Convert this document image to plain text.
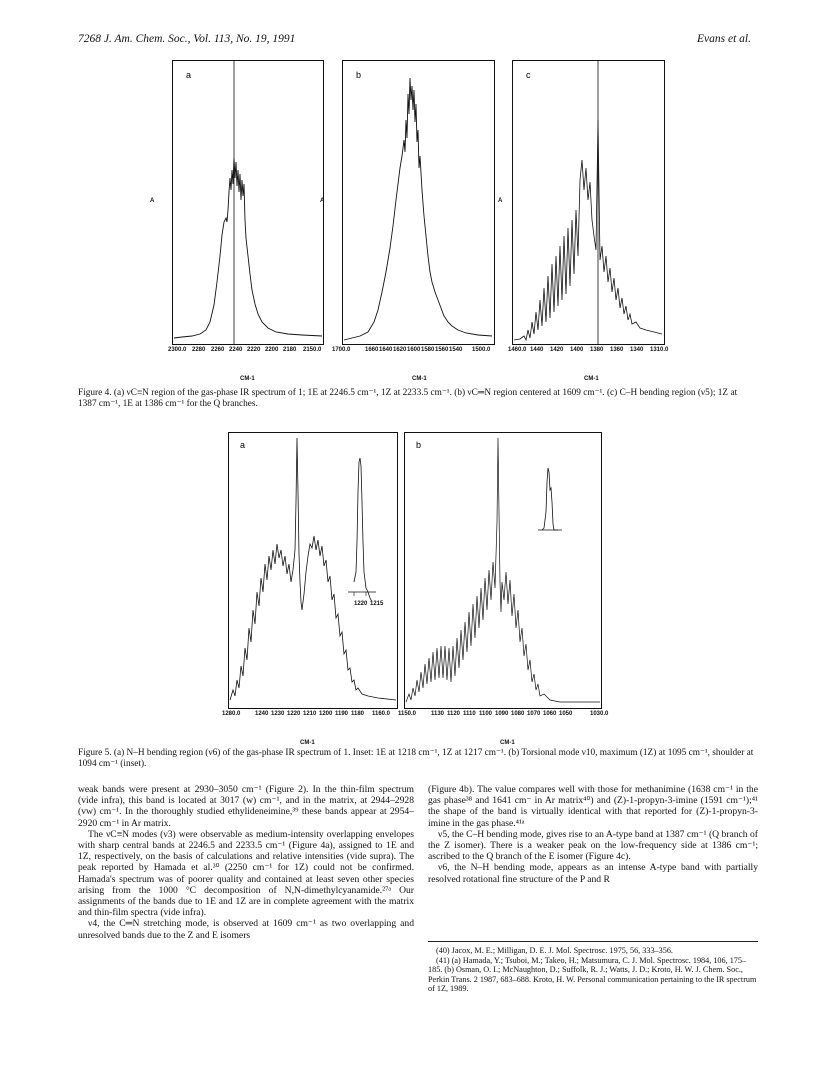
7268 J. Am. Chem. Soc., Vol. 113, No. 19, 1991	Evans et al.
a
A
2300.0 2280 2260 2240 2220 2200 2180 2150.0
CM-1
b
A
1700.0 1660 1640 1620 1600 1580 1560 1540 1500.0
CM-1
c
A
1460.0 1440 1420 1400 1380 1360 1340 1310.0
CM-1
Figure 4. (a) νC≡N region of the gas-phase IR spectrum of 1; 1E at 2246.5 cm⁻¹, 1Z at 2233.5 cm⁻¹. (b) νC═N region centered at 1609 cm⁻¹. (c) C–H bending region (ν5); 1Z at 1387 cm⁻¹, 1E at 1386 cm⁻¹ for the Q branches.
a
1220 1215
1280.0 1240 1230 1220 1210 1200 1190 1180 1160.0
CM-1
b
1150.0 1130 1120 1110 1100 1090 1080 1070 1060 1050	1030.0
CM-1
Figure 5. (a) N–H bending region (ν6) of the gas-phase IR spectrum of 1. Inset: 1E at 1218 cm⁻¹, 1Z at 1217 cm⁻¹. (b) Torsional mode ν10, maximum (1Z) at 1095 cm⁻¹, shoulder at 1094 cm⁻¹ (inset).

weak bands were present at 2930–3050 cm⁻¹ (Figure 2). In the thin-film spectrum (vide infra), this band is located at 3017 (w) cm⁻¹, and in the matrix, at 2944–2928 (vw) cm⁻¹. In the thoroughly studied ethylideneimine,³⁹ these bands appear at 2954–2920 cm⁻¹ in Ar matrix.

The νC≡N modes (ν3) were observable as medium-intensity overlapping envelopes with sharp central bands at 2246.5 and 2233.5 cm⁻¹ (Figure 4a), assigned to 1E and 1Z, respectively, on the basis of calculations and relative intensities (vide supra). The peak reported by Hamada et al.³⁰ (2250 cm⁻¹ for 1Z) could not be confirmed. Hamada's spectrum was of poorer quality and contained at least seven other species arising from the 1000 °C decomposition of N,N-dimethylcyanamide.²⁷ᵃ Our assignments of the bands due to 1E and 1Z are in complete agreement with the matrix and thin-film spectra (vide infra).

ν4, the C═N stretching mode, is observed at 1609 cm⁻¹ as two overlapping and unresolved bands due to the Z and E isomers

(Figure 4b). The value compares well with those for methanimine (1638 cm⁻¹ in the gas phase³⁸ and 1641 cm⁻ in Ar matrix⁴⁰) and (Z)-1-propyn-3-imine (1591 cm⁻¹);⁴¹ the shape of the band is virtually identical with that reported for (Z)-1-propyn-3-imine in the gas phase.⁴¹ᵃ

ν5, the C–H bending mode, gives rise to an A-type band at 1387 cm⁻¹ (Q branch of the Z isomer). There is a weaker peak on the low-frequency side at 1386 cm⁻¹; ascribed to the Q branch of the E isomer (Figure 4c).

ν6, the N–H bending mode, appears as an intense A-type band with partially resolved rotational fine structure of the P and R

(40) Jacox, M. E.; Milligan, D. E. J. Mol. Spectrosc. 1975, 56, 333–356.

(41) (a) Hamada, Y.; Tsuboi, M.; Takeo, H.; Matsumura, C. J. Mol. Spectrosc. 1984, 106, 175–185. (b) Osman, O. I.; McNaughton, D.; Suffolk, R. J.; Watts, J. D.; Kroto, H. W. J. Chem. Soc., Perkin Trans. 2 1987, 683–688. Kroto, H. W. Personal communication pertaining to the IR spectrum of 1Z, 1989.
